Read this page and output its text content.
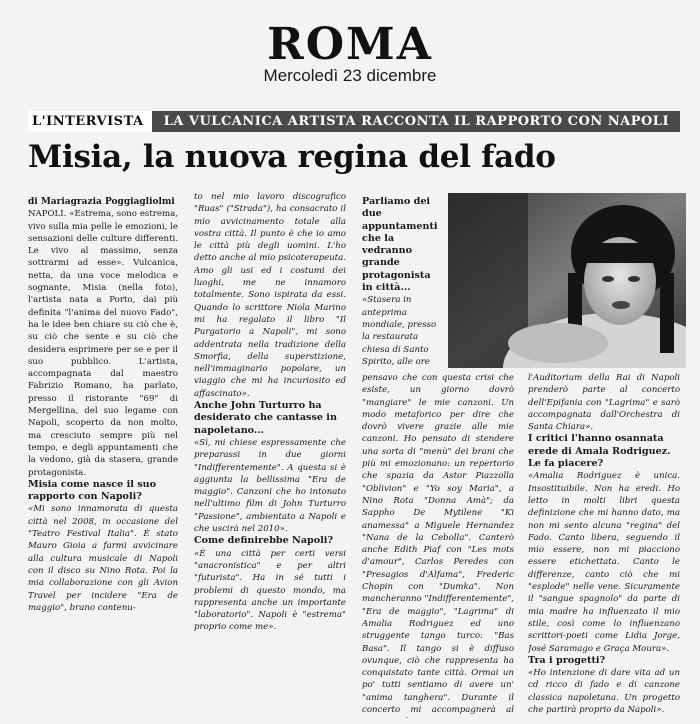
ROMA
Mercoledì 23 dicembre
L'INTERVISTA	LA VULCANICA ARTISTA RACCONTA IL RAPPORTO CON NAPOLI
Misia, la nuova regina del fado

di Mariagrazia Poggiagliolmi

NAPOLI. «Estrema, sono estrema, vivo sulla mia pelle le emozioni, le sensazioni delle culture differenti. Le vivo al massimo, senza sottrarmi ad esse». Vulcanica, netta, da una voce melodica e sognante, Misia (nella foto), l'artista nata a Porto, dai più definita "l'anima del nuovo Fado", ha le idee ben chiare su ciò che è, su ciò che sente e su ciò che desidera esprimere per se e per il suo pubblico. L'artista, accompagnata dal maestro Fabrizio Romano, ha parlato, presso il ristorante "69" di Mergellina, del suo legame con Napoli, scoperto da non molto, ma cresciuto sempre più nel tempo, e degli appuntamenti che la vedono, già da stasera, grande protagonista.

Misia come nasce il suo rapporto con Napoli?

«Mi sono innamorata di questa città nel 2008, in occasione del "Teatro Festival Italia". È stato Mauro Gioia a farmi avvicinare alla cultura musicale di Napoli con il disco su Nino Rota. Poi la mia collaborazione con gli Avion Travel per incidere "Era de maggio", brano contenu-

to nel mio lavoro discografico "Ruas" ("Strada"), ha consacrato il mio avvicinamento totale alla vostra città. Il punto è che io amo le città più degli uomini. L'ho detto anche al mio psicoterapeuta. Amo gli usi ed i costumi dei luoghi, me ne innamoro totalmente. Sono ispirata da essi. Quando lo scrittore Niola Marino mi ha regalato il libro "Il Purgatorio a Napoli", mi sono addentrata nella tradizione della Smorfia, della superstizione, nell'immaginario popolare, un viaggio che mi ha incuriosito ed affascinato».

Anche John Turturro ha desiderato che cantasse in napoletano...

«Sì, mi chiese espressamente che preparassi in due giorni "Indifferentemente". A questa si è aggiunta la bellissima "Era de maggio". Canzoni che ho intonato nell'ultimo film di John Turturro "Passione", ambientato a Napoli e che uscirà nel 2010».

Come definirebbe Napoli?

«È una città per certi versi "anacronistica" e per altri "futurista". Ha in sé tutti i problemi di questo mondo, ma rappresenta anche un importante "laboratorio". Napoli è "estrema" proprio come me».

Parliamo dei due appuntamenti che la vedranno grande protagonista in città...

«Stasera in anteprima mondiale, presso la restaurata chiesa di Santo Spirito, alle ore

pensavo che con questa crisi che esiste, un giorno dovrò "mangiare" le mie canzoni. Un modo metaforico per dire che dovrò vivere grazie alle mie canzoni. Ho pensato di stendere una sorta di "menù" dei brani che più mi emozionano: un repertorio che spazia da Astor Piazzolla "Oblivion" e "Yo soy Maria", a Nino Rota "Donna Amà"; da Sappho De Mytilene "Ki anamessa" a Miguele Hernandez "Nana de la Cebolla". Canterò anche Edith Piaf con "Les mots d'amour", Carlos Peredes con "Presagios d'Alfama", Frederic Chopin con "Dumka". Non mancheranno "Indifferentemente", "Era de maggio", "Lagrima" di Amalia Rodriguez ed uno struggente tango turco: "Bas Basa". Il tango si è diffuso ovunque, ciò che rappresenta ha conquistato tante città. Ormai un po' tutti sentiamo di avere un' "anima tanghera". Durante il concerto mi accompagnerà al

l'Auditorium della Rai di Napoli prenderò parte al concerto dell'Epifania con "Lagrima" e sarò accompagnata dall'Orchestra di Santa Chiara».

I critici l'hanno osannata erede di Amala Rodriguez. Le fa piacere?

«Amalia Rodriguez è unica. Insostituibile. Non ha eredi. Ho letto in molti libri questa definizione che mi hanno dato, ma non mi sento alcuna "regina" del Fado. Canto libera, seguendo il mio essere, non mi piacciono essere etichettata. Canto le differenze, canto ciò che mi "esplode" nelle vene. Sicuramente il "sangue spagnolo" da parte di mia madre ha influenzato il mio stile, così come lo influenzano scrittori-poeti come Lidia Jorge, José Saramago e Graça Moura».

Tra i progetti?

«Ho intenzione di dare vita ad un cd ricco di fado e di canzone classica napoletana. Un progetto che partirà proprio da Napoli».
